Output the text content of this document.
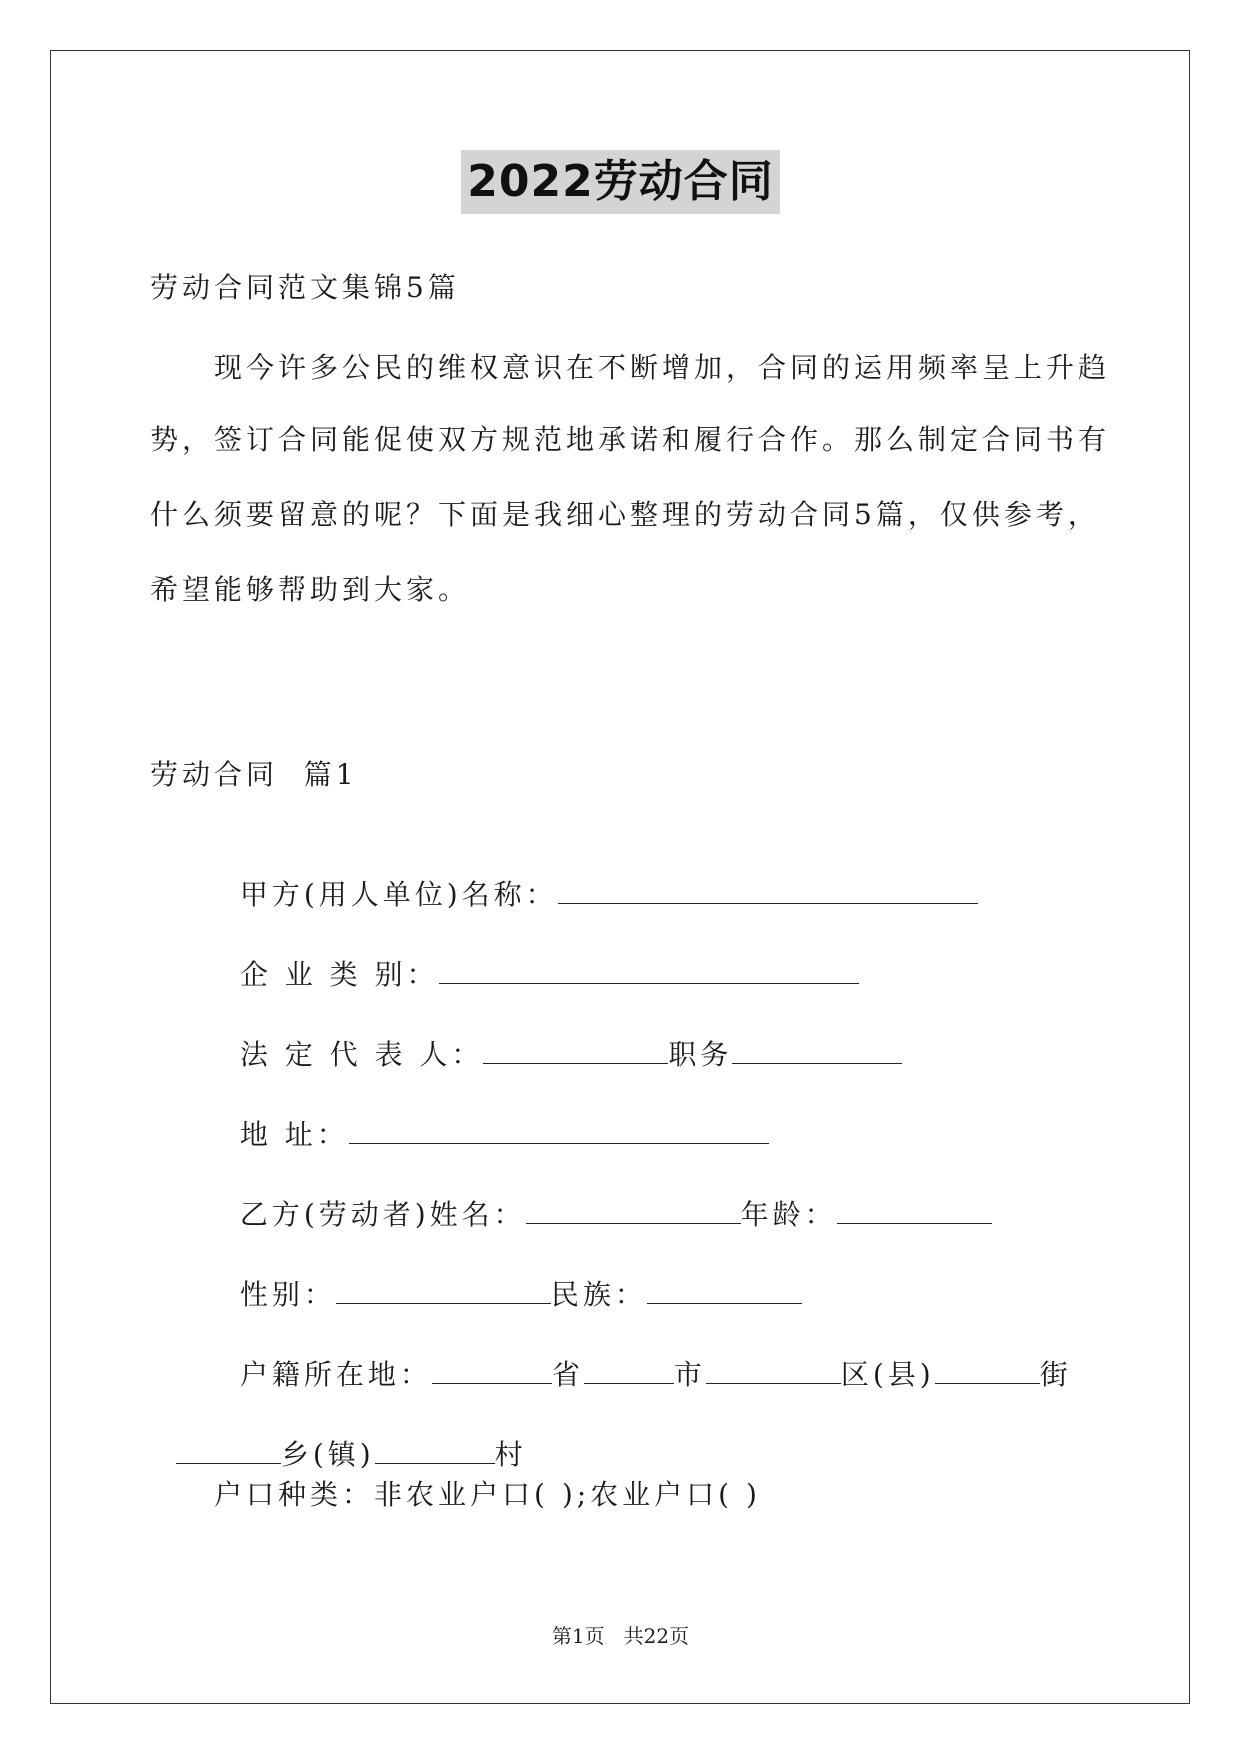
2022劳动合同
劳动合同范文集锦5篇
现今许多公民的维权意识在不断增加，合同的运用频率呈上升趋
势，签订合同能促使双方规范地承诺和履行合作。那么制定合同书有
什么须要留意的呢？下面是我细心整理的劳动合同5篇，仅供参考，
希望能够帮助到大家。
劳动合同  篇1

甲方(用人单位)名称：

企 业 类 别：

法 定 代 表 人：	职务

地 址：

乙方(劳动者)姓名：	年龄：

性别：	民族：

户籍所在地：	省	市	区(县)	街

乡(镇)	村

户口种类：非农业户口( );农业户口( )
第1页   共22页
